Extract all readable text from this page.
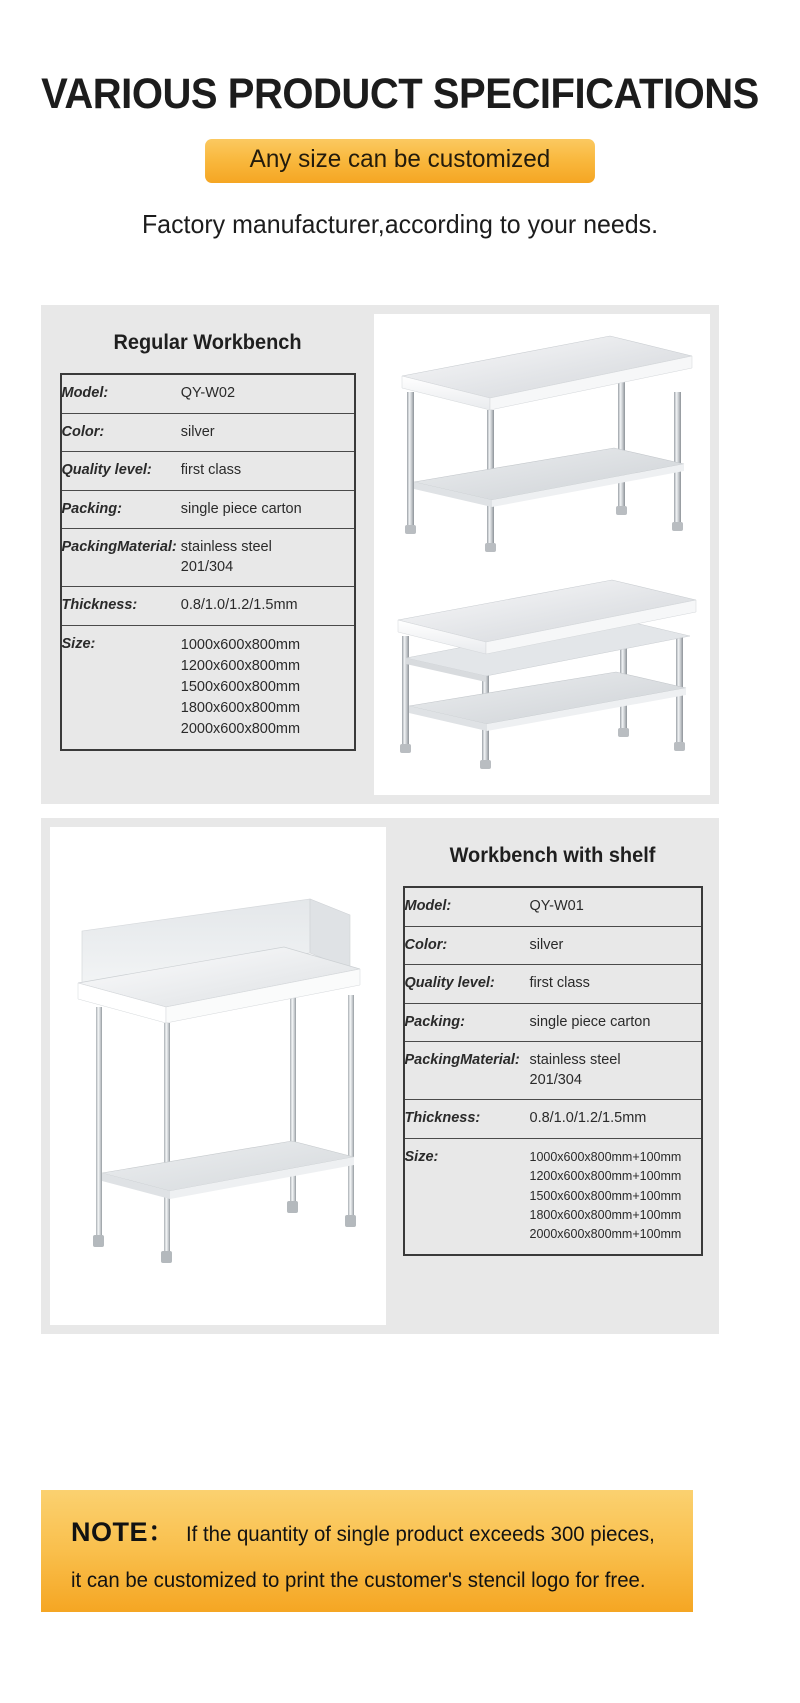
VARIOUS PRODUCT SPECIFICATIONS
Any size can be customized
Factory manufacturer,according to your needs.
Regular Workbench
Model:	QY-W02
Color:	silver
Quality level:	first class
Packing:	single piece carton
PackingMaterial:	stainless steel
201/304

Thickness:	0.8/1.0/1.2/1.5mm
Size:	1000x600x800mm
1200x600x800mm
1500x600x800mm
1800x600x800mm
2000x600x800mm
Workbench with shelf
Model:	QY-W01
Color:	silver
Quality level:	first class
Packing:	single piece carton
PackingMaterial:	stainless steel
201/304

Thickness:	0.8/1.0/1.2/1.5mm
Size:	1000x600x800mm+100mm
1200x600x800mm+100mm
1500x600x800mm+100mm
1800x600x800mm+100mm
2000x600x800mm+100mm
NOTE： If the quantity of single product exceeds 300 pieces,
it can be customized to print the customer's stencil logo for free.
